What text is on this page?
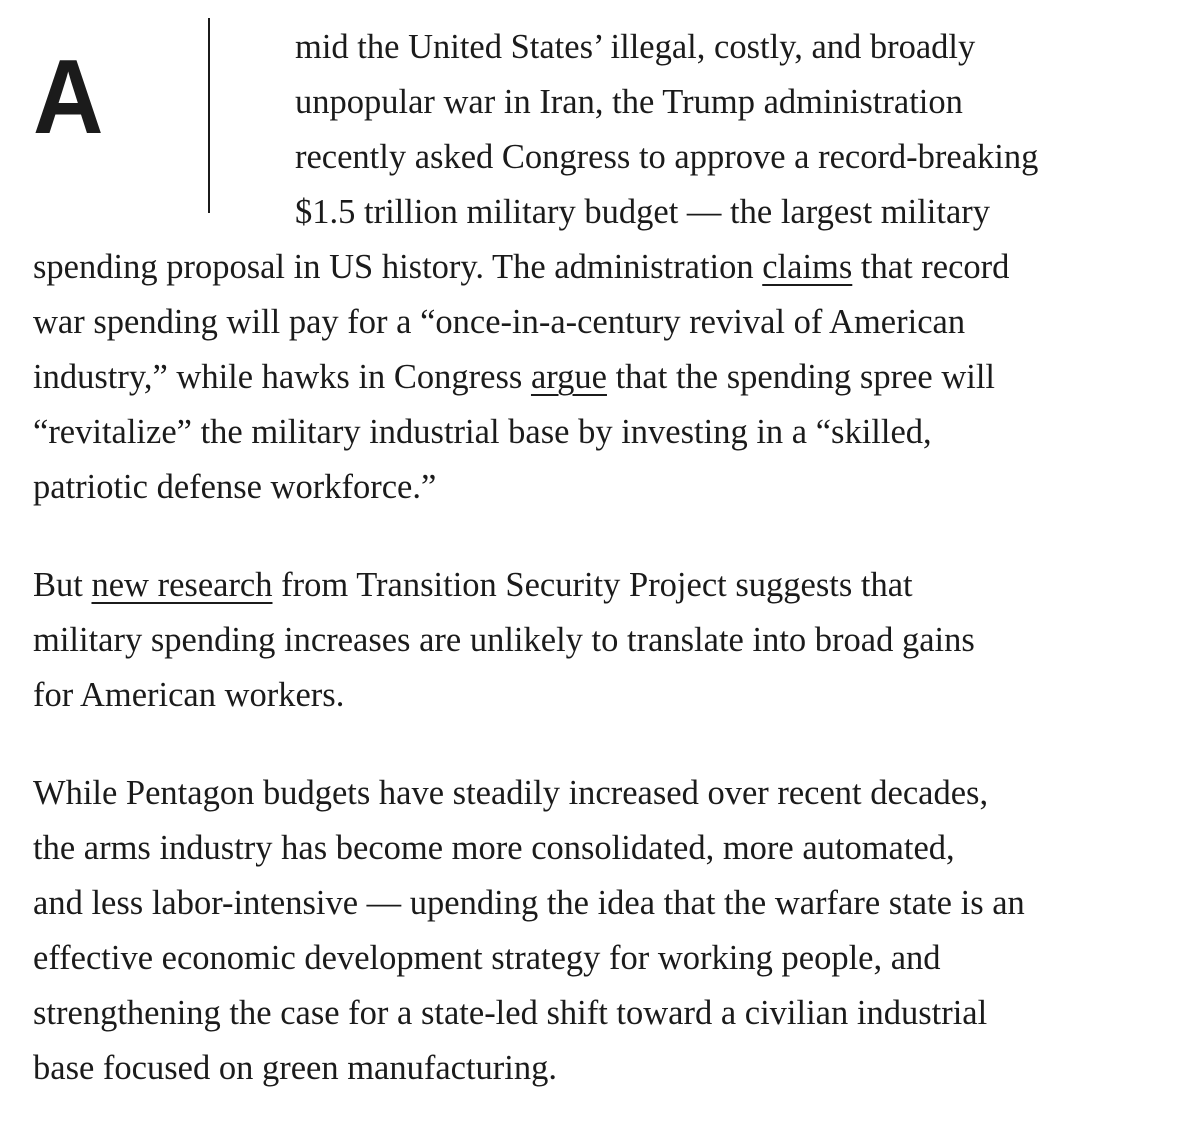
A	mid the United States’ illegal, costly, and broadly
unpopular war in Iran, the Trump administration
recently asked Congress to approve a record-breaking
$1.5 trillion military budget — the largest military
spending proposal in US history. The administration claims that record
war spending will pay for a “once-in-a-century revival of American
industry,” while hawks in Congress argue that the spending spree will
“revitalize” the military industrial base by investing in a “skilled,
patriotic defense workforce.”

But new research from Transition Security Project suggests that
military spending increases are unlikely to translate into broad gains
for American workers.

While Pentagon budgets have steadily increased over recent decades,
the arms industry has become more consolidated, more automated,
and less labor-intensive — upending the idea that the warfare state is an
effective economic development strategy for working people, and
strengthening the case for a state-led shift toward a civilian industrial
base focused on green manufacturing.
